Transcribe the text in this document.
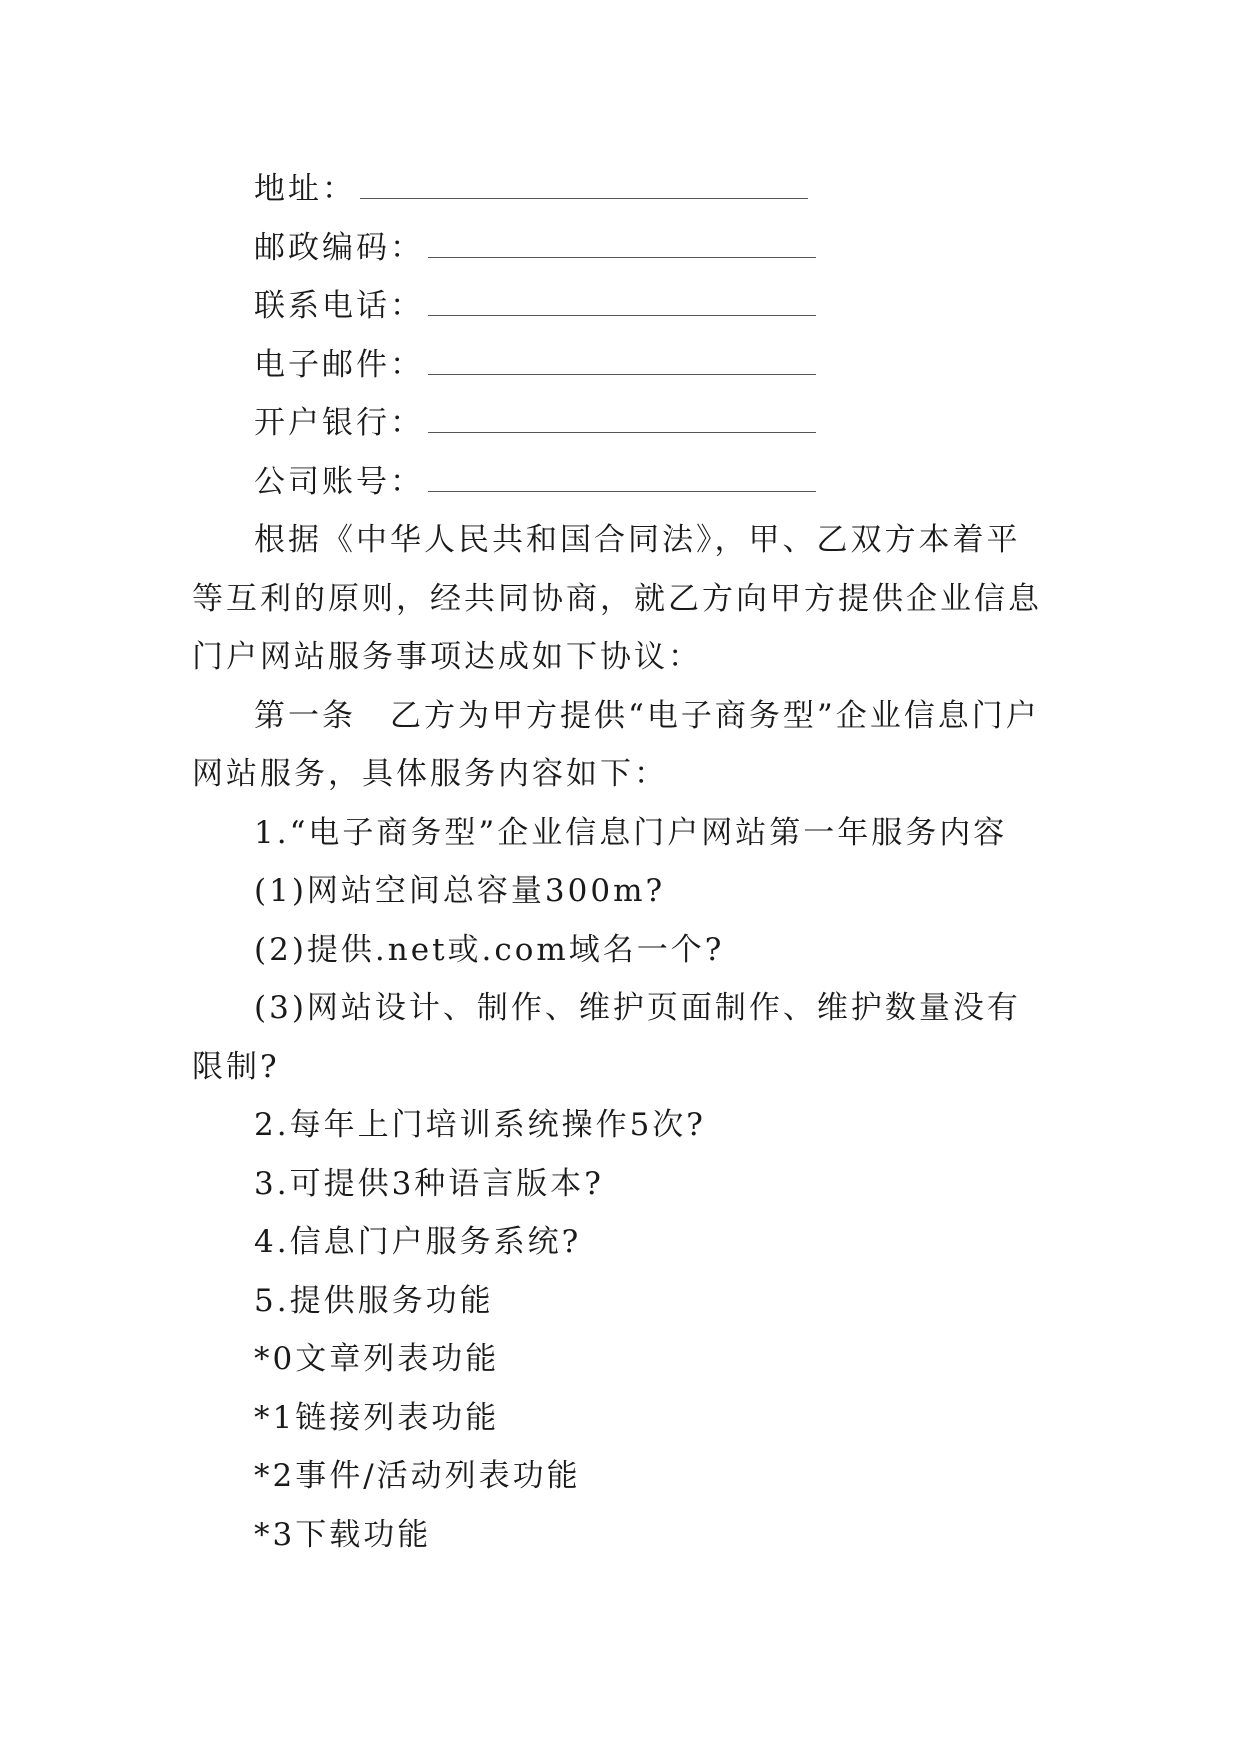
地址：
邮政编码：
联系电话：
电子邮件：
开户银行：
公司账号：

根据《中华人民共和国合同法》，甲、乙双方本着平等互利的原则，经共同协商，就乙方向甲方提供企业信息门户网站服务事项达成如下协议：

第一条　乙方为甲方提供“电子商务型”企业信息门户网站服务，具体服务内容如下：

1.“电子商务型”企业信息门户网站第一年服务内容

(1)网站空间总容量300m?

(2)提供.net或.com域名一个?

(3)网站设计、制作、维护页面制作、维护数量没有限制?

2.每年上门培训系统操作5次?

3.可提供3种语言版本?

4.信息门户服务系统?

5.提供服务功能

*0文章列表功能

*1链接列表功能

*2事件/活动列表功能

*3下载功能
